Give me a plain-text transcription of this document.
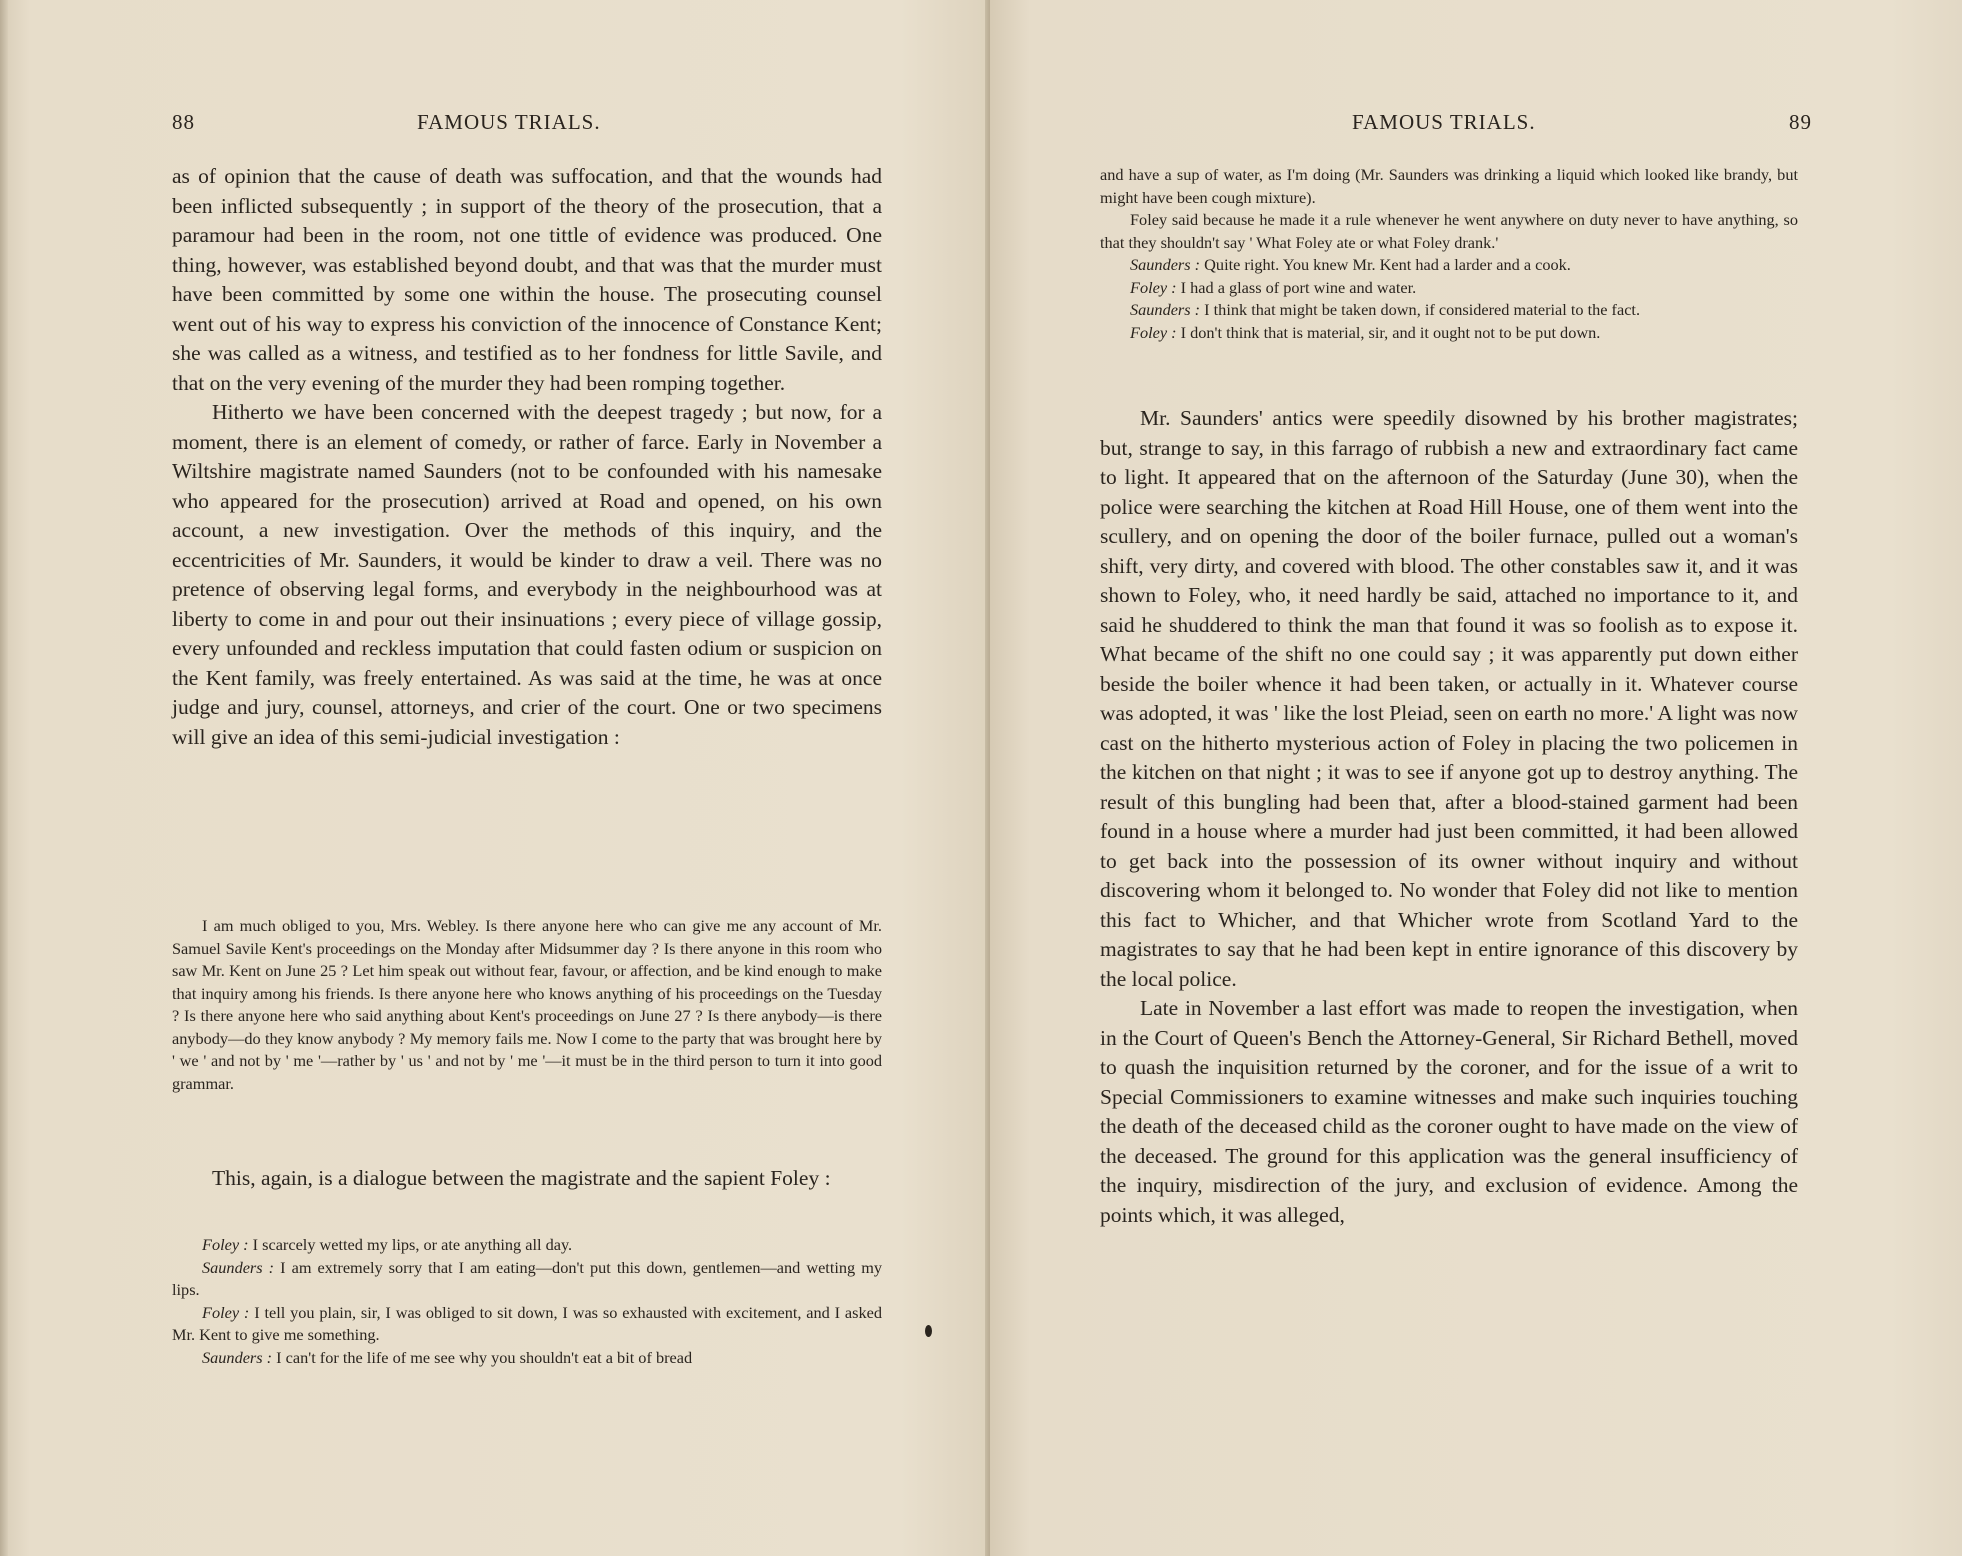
88	FAMOUS TRIALS.

as of opinion that the cause of death was suffocation, and that the wounds had been inflicted subsequently ; in support of the theory of the prosecution, that a paramour had been in the room, not one tittle of evidence was produced. One thing, however, was established beyond doubt, and that was that the murder must have been committed by some one within the house. The prosecuting counsel went out of his way to express his conviction of the innocence of Constance Kent; she was called as a witness, and testified as to her fondness for little Savile, and that on the very evening of the murder they had been romping together.

Hitherto we have been concerned with the deepest tragedy ; but now, for a moment, there is an element of comedy, or rather of farce. Early in November a Wiltshire magistrate named Saunders (not to be confounded with his namesake who appeared for the prosecution) arrived at Road and opened, on his own account, a new investigation. Over the methods of this inquiry, and the eccentricities of Mr. Saunders, it would be kinder to draw a veil. There was no pretence of observing legal forms, and everybody in the neighbourhood was at liberty to come in and pour out their insinuations ; every piece of village gossip, every unfounded and reckless imputation that could fasten odium or suspicion on the Kent family, was freely entertained. As was said at the time, he was at once judge and jury, counsel, attorneys, and crier of the court. One or two specimens will give an idea of this semi-judicial investigation :

I am much obliged to you, Mrs. Webley. Is there anyone here who can give me any account of Mr. Samuel Savile Kent's proceedings on the Monday after Midsummer day ? Is there anyone in this room who saw Mr. Kent on June 25 ? Let him speak out without fear, favour, or affection, and be kind enough to make that inquiry among his friends. Is there anyone here who knows anything of his proceedings on the Tuesday ? Is there anyone here who said anything about Kent's proceedings on June 27 ? Is there anybody—is there anybody—do they know anybody ? My memory fails me. Now I come to the party that was brought here by ' we ' and not by ' me '—rather by ' us ' and not by ' me '—it must be in the third person to turn it into good grammar.

This, again, is a dialogue between the magistrate and the sapient Foley :

Foley : I scarcely wetted my lips, or ate anything all day.

Saunders : I am extremely sorry that I am eating—don't put this down, gentlemen—and wetting my lips.

Foley : I tell you plain, sir, I was obliged to sit down, I was so exhausted with excitement, and I asked Mr. Kent to give me something.

Saunders : I can't for the life of me see why you shouldn't eat a bit of bread

FAMOUS TRIALS.	89

and have a sup of water, as I'm doing (Mr. Saunders was drinking a liquid which looked like brandy, but might have been cough mixture).

Foley said because he made it a rule whenever he went anywhere on duty never to have anything, so that they shouldn't say ' What Foley ate or what Foley drank.'

Saunders : Quite right. You knew Mr. Kent had a larder and a cook.

Foley : I had a glass of port wine and water.

Saunders : I think that might be taken down, if considered material to the fact.

Foley : I don't think that is material, sir, and it ought not to be put down.

Mr. Saunders' antics were speedily disowned by his brother magistrates; but, strange to say, in this farrago of rubbish a new and extraordinary fact came to light. It appeared that on the afternoon of the Saturday (June 30), when the police were searching the kitchen at Road Hill House, one of them went into the scullery, and on opening the door of the boiler furnace, pulled out a woman's shift, very dirty, and covered with blood. The other constables saw it, and it was shown to Foley, who, it need hardly be said, attached no importance to it, and said he shuddered to think the man that found it was so foolish as to expose it. What became of the shift no one could say ; it was apparently put down either beside the boiler whence it had been taken, or actually in it. Whatever course was adopted, it was ' like the lost Pleiad, seen on earth no more.' A light was now cast on the hitherto mysterious action of Foley in placing the two policemen in the kitchen on that night ; it was to see if anyone got up to destroy anything. The result of this bungling had been that, after a blood-stained garment had been found in a house where a murder had just been committed, it had been allowed to get back into the possession of its owner without inquiry and without discovering whom it belonged to. No wonder that Foley did not like to mention this fact to Whicher, and that Whicher wrote from Scotland Yard to the magistrates to say that he had been kept in entire ignorance of this discovery by the local police.

Late in November a last effort was made to reopen the investigation, when in the Court of Queen's Bench the Attorney-General, Sir Richard Bethell, moved to quash the inquisition returned by the coroner, and for the issue of a writ to Special Commissioners to examine witnesses and make such inquiries touching the death of the deceased child as the coroner ought to have made on the view of the deceased. The ground for this application was the general insufficiency of the inquiry, misdirection of the jury, and exclusion of evidence. Among the points which, it was alleged,
